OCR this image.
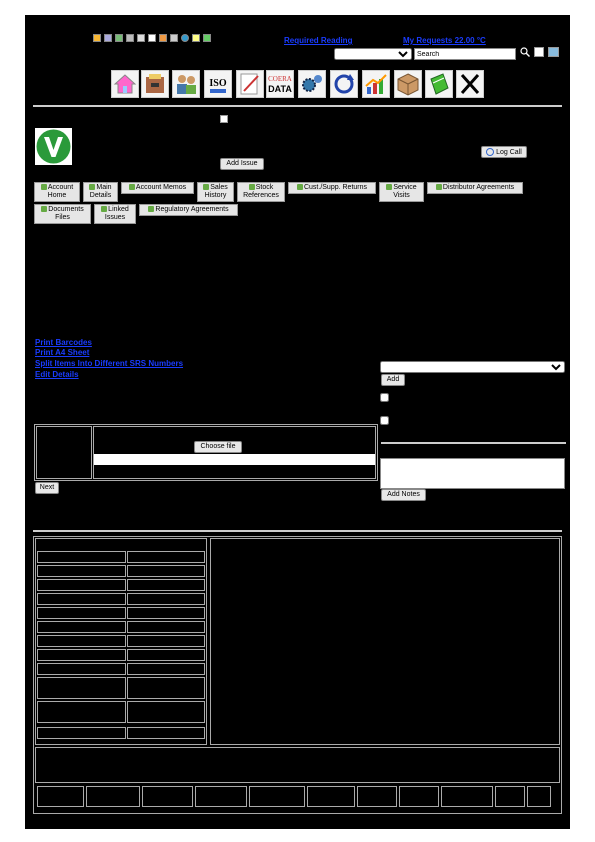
Required Reading	My Requests 22.00 °C
Search
ISO	COERA
DATA
Log Call
Add Issue
Account Home
Main Details
Account Memos	Sales History
Stock References
Cust./Supp. Returns	Service Visits
Distributor Agreements
Documents Files
Linked Issues
Regulatory Agreements
Print Barcodes
Print A4 Sheet
Split Items Into Different SRS Numbers
Edit Details
Add
Add Notes
Choose file
Next
